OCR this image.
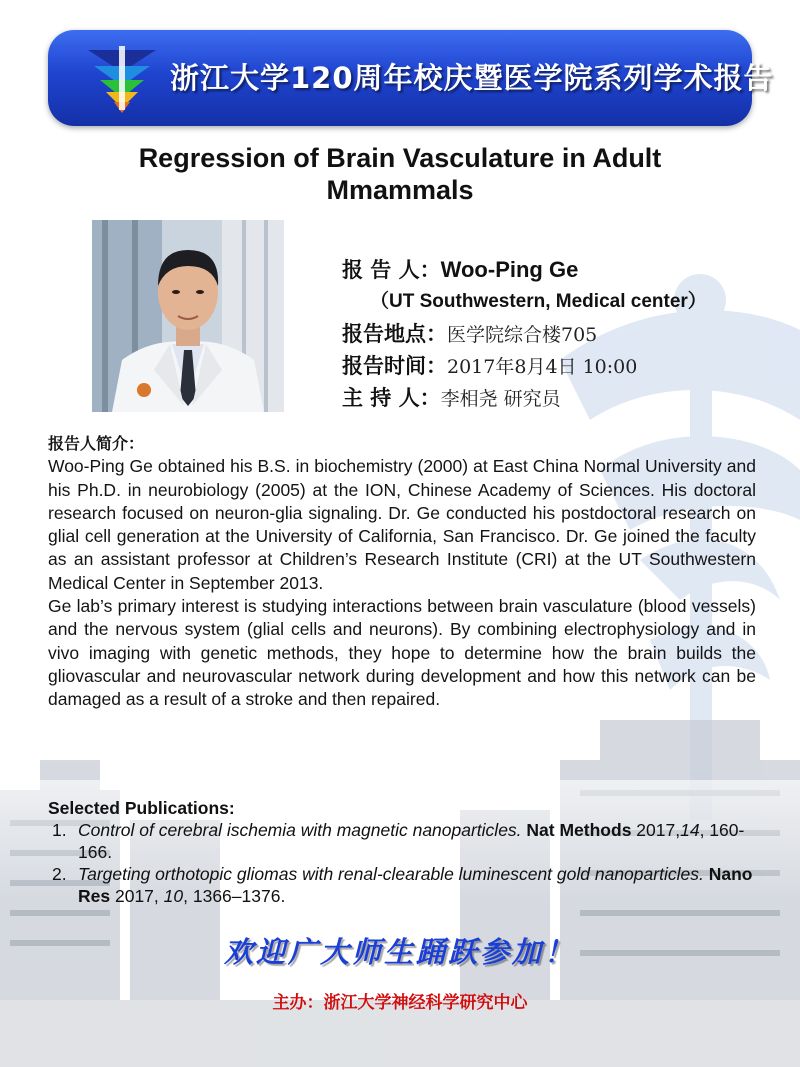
浙江大学120周年校庆暨医学院系列学术报告
Regression of Brain Vasculature in Adult
Mmammals
报 告 人：Woo-Ping Ge
（UT Southwestern, Medical center）
报告地点：医学院综合楼705
报告时间：2017年8月4日 10:00
主 持 人：李相尧 研究员
报告人简介：

Woo-Ping Ge obtained his B.S. in biochemistry (2000) at East China Normal University and his Ph.D. in neurobiology (2005) at the ION, Chinese Academy of Sciences. His doctoral research focused on neuron-glia signaling. Dr. Ge conducted his postdoctoral research on glial cell generation at the University of California, San Francisco. Dr. Ge joined the faculty as an assistant professor at Children’s Research Institute (CRI) at the UT Southwestern Medical Center in September 2013.

Ge lab’s primary interest is studying interactions between brain vasculature (blood vessels) and the nervous system (glial cells and neurons). By combining electrophysiology and in vivo imaging with genetic methods, they hope to determine how the brain builds the gliovascular and neurovascular network during development and how this network can be damaged as a result of a stroke and then repaired.

Selected Publications:
1. Control of cerebral ischemia with magnetic nanoparticles. Nat Methods 2017,14, 160-166.
2. Targeting orthotopic gliomas with renal-clearable luminescent gold nanoparticles. Nano Res 2017, 10, 1366–1376.
欢迎广大师生踊跃参加！
主办：浙江大学神经科学研究中心
